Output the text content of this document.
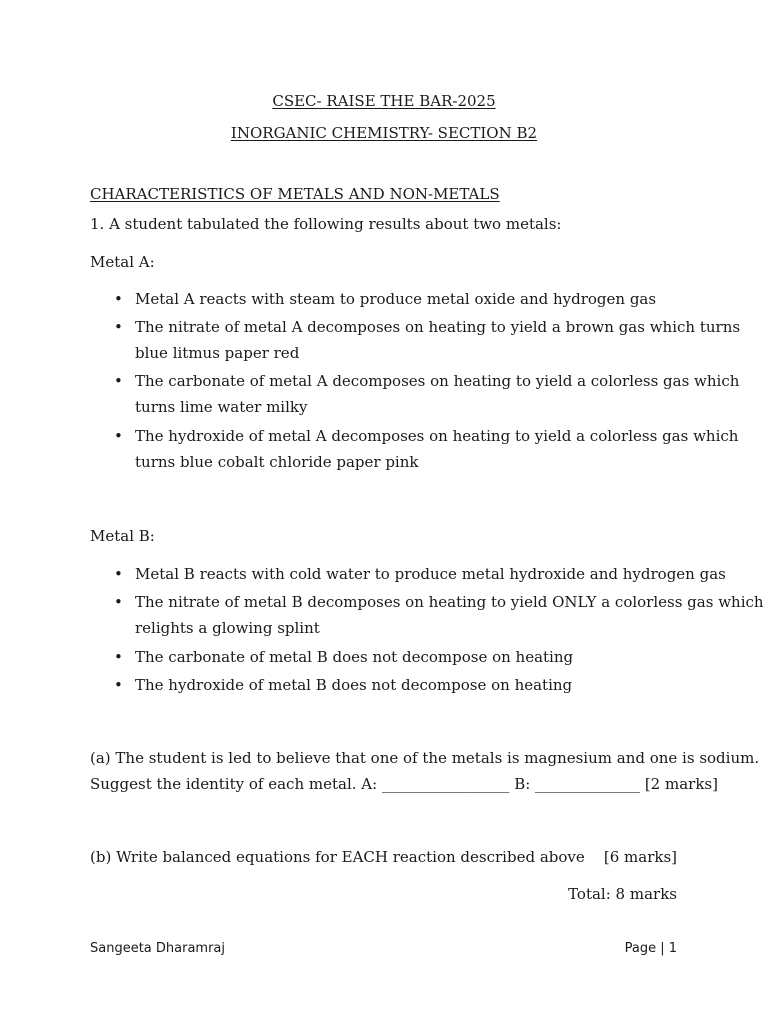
CSEC- RAISE THE BAR-2025
INORGANIC CHEMISTRY- SECTION B2
CHARACTERISTICS OF METALS AND NON-METALS
1. A student tabulated the following results about two metals:
Metal A:
• Metal A reacts with steam to produce metal oxide and hydrogen gas
• The nitrate of metal A decomposes on heating to yield a brown gas which turns
blue litmus paper red
• The carbonate of metal A decomposes on heating to yield a colorless gas which
turns lime water milky
• The hydroxide of metal A decomposes on heating to yield a colorless gas which
turns blue cobalt chloride paper pink
Metal B:
• Metal B reacts with cold water to produce metal hydroxide and hydrogen gas
• The nitrate of metal B decomposes on heating to yield ONLY a colorless gas which
relights a glowing splint
• The carbonate of metal B does not decompose on heating
• The hydroxide of metal B does not decompose on heating
(a) The student is led to believe that one of the metals is magnesium and one is sodium.
Suggest the identity of each metal. A: _________________ B: ______________ [2 marks]
(b) Write balanced equations for EACH reaction described above [6 marks]
Total: 8 marks
Sangeeta Dharamraj	Page | 1
